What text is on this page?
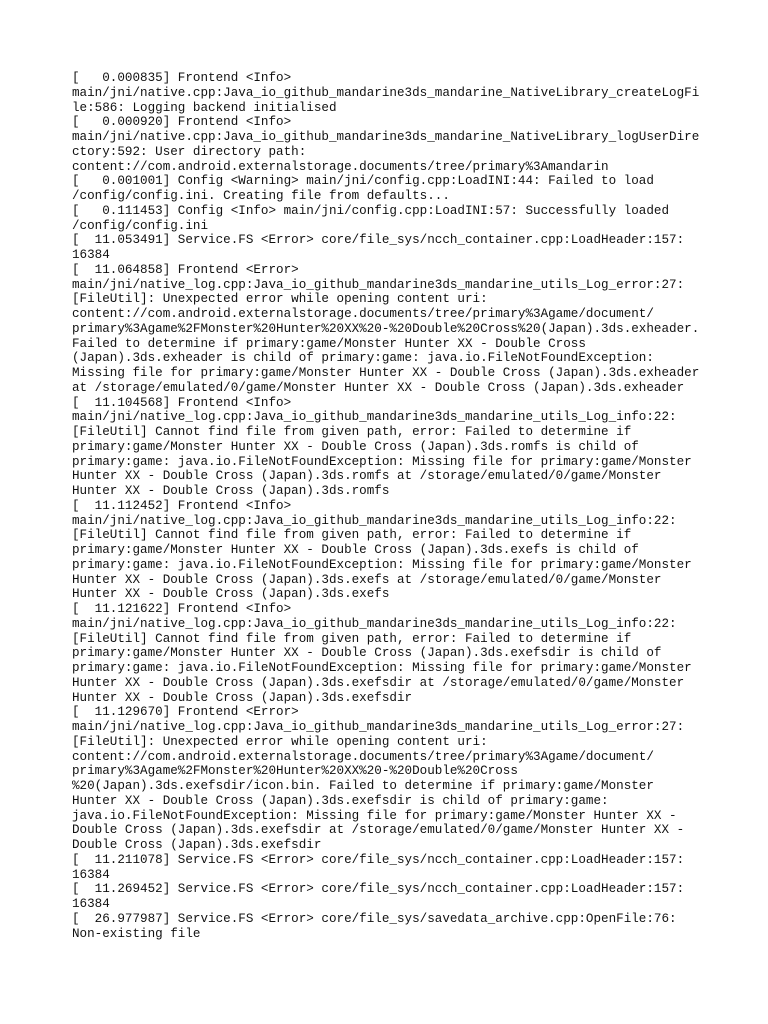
[   0.000835] Frontend <Info>
main/jni/native.cpp:Java_io_github_mandarine3ds_mandarine_NativeLibrary_createLogFi
le:586: Logging backend initialised
[   0.000920] Frontend <Info>
main/jni/native.cpp:Java_io_github_mandarine3ds_mandarine_NativeLibrary_logUserDire
ctory:592: User directory path:
content://com.android.externalstorage.documents/tree/primary%3Amandarin
[   0.001001] Config <Warning> main/jni/config.cpp:LoadINI:44: Failed to load
/config/config.ini. Creating file from defaults...
[   0.111453] Config <Info> main/jni/config.cpp:LoadINI:57: Successfully loaded
/config/config.ini
[  11.053491] Service.FS <Error> core/file_sys/ncch_container.cpp:LoadHeader:157:
16384
[  11.064858] Frontend <Error>
main/jni/native_log.cpp:Java_io_github_mandarine3ds_mandarine_utils_Log_error:27:
[FileUtil]: Unexpected error while opening content uri:
content://com.android.externalstorage.documents/tree/primary%3Agame/document/
primary%3Agame%2FMonster%20Hunter%20XX%20-%20Double%20Cross%20(Japan).3ds.exheader.
Failed to determine if primary:game/Monster Hunter XX - Double Cross
(Japan).3ds.exheader is child of primary:game: java.io.FileNotFoundException:
Missing file for primary:game/Monster Hunter XX - Double Cross (Japan).3ds.exheader
at /storage/emulated/0/game/Monster Hunter XX - Double Cross (Japan).3ds.exheader
[  11.104568] Frontend <Info>
main/jni/native_log.cpp:Java_io_github_mandarine3ds_mandarine_utils_Log_info:22:
[FileUtil] Cannot find file from given path, error: Failed to determine if
primary:game/Monster Hunter XX - Double Cross (Japan).3ds.romfs is child of
primary:game: java.io.FileNotFoundException: Missing file for primary:game/Monster
Hunter XX - Double Cross (Japan).3ds.romfs at /storage/emulated/0/game/Monster
Hunter XX - Double Cross (Japan).3ds.romfs
[  11.112452] Frontend <Info>
main/jni/native_log.cpp:Java_io_github_mandarine3ds_mandarine_utils_Log_info:22:
[FileUtil] Cannot find file from given path, error: Failed to determine if
primary:game/Monster Hunter XX - Double Cross (Japan).3ds.exefs is child of
primary:game: java.io.FileNotFoundException: Missing file for primary:game/Monster
Hunter XX - Double Cross (Japan).3ds.exefs at /storage/emulated/0/game/Monster
Hunter XX - Double Cross (Japan).3ds.exefs
[  11.121622] Frontend <Info>
main/jni/native_log.cpp:Java_io_github_mandarine3ds_mandarine_utils_Log_info:22:
[FileUtil] Cannot find file from given path, error: Failed to determine if
primary:game/Monster Hunter XX - Double Cross (Japan).3ds.exefsdir is child of
primary:game: java.io.FileNotFoundException: Missing file for primary:game/Monster
Hunter XX - Double Cross (Japan).3ds.exefsdir at /storage/emulated/0/game/Monster
Hunter XX - Double Cross (Japan).3ds.exefsdir
[  11.129670] Frontend <Error>
main/jni/native_log.cpp:Java_io_github_mandarine3ds_mandarine_utils_Log_error:27:
[FileUtil]: Unexpected error while opening content uri:
content://com.android.externalstorage.documents/tree/primary%3Agame/document/
primary%3Agame%2FMonster%20Hunter%20XX%20-%20Double%20Cross
%20(Japan).3ds.exefsdir/icon.bin. Failed to determine if primary:game/Monster
Hunter XX - Double Cross (Japan).3ds.exefsdir is child of primary:game:
java.io.FileNotFoundException: Missing file for primary:game/Monster Hunter XX -
Double Cross (Japan).3ds.exefsdir at /storage/emulated/0/game/Monster Hunter XX -
Double Cross (Japan).3ds.exefsdir
[  11.211078] Service.FS <Error> core/file_sys/ncch_container.cpp:LoadHeader:157:
16384
[  11.269452] Service.FS <Error> core/file_sys/ncch_container.cpp:LoadHeader:157:
16384
[  26.977987] Service.FS <Error> core/file_sys/savedata_archive.cpp:OpenFile:76:
Non-existing file
